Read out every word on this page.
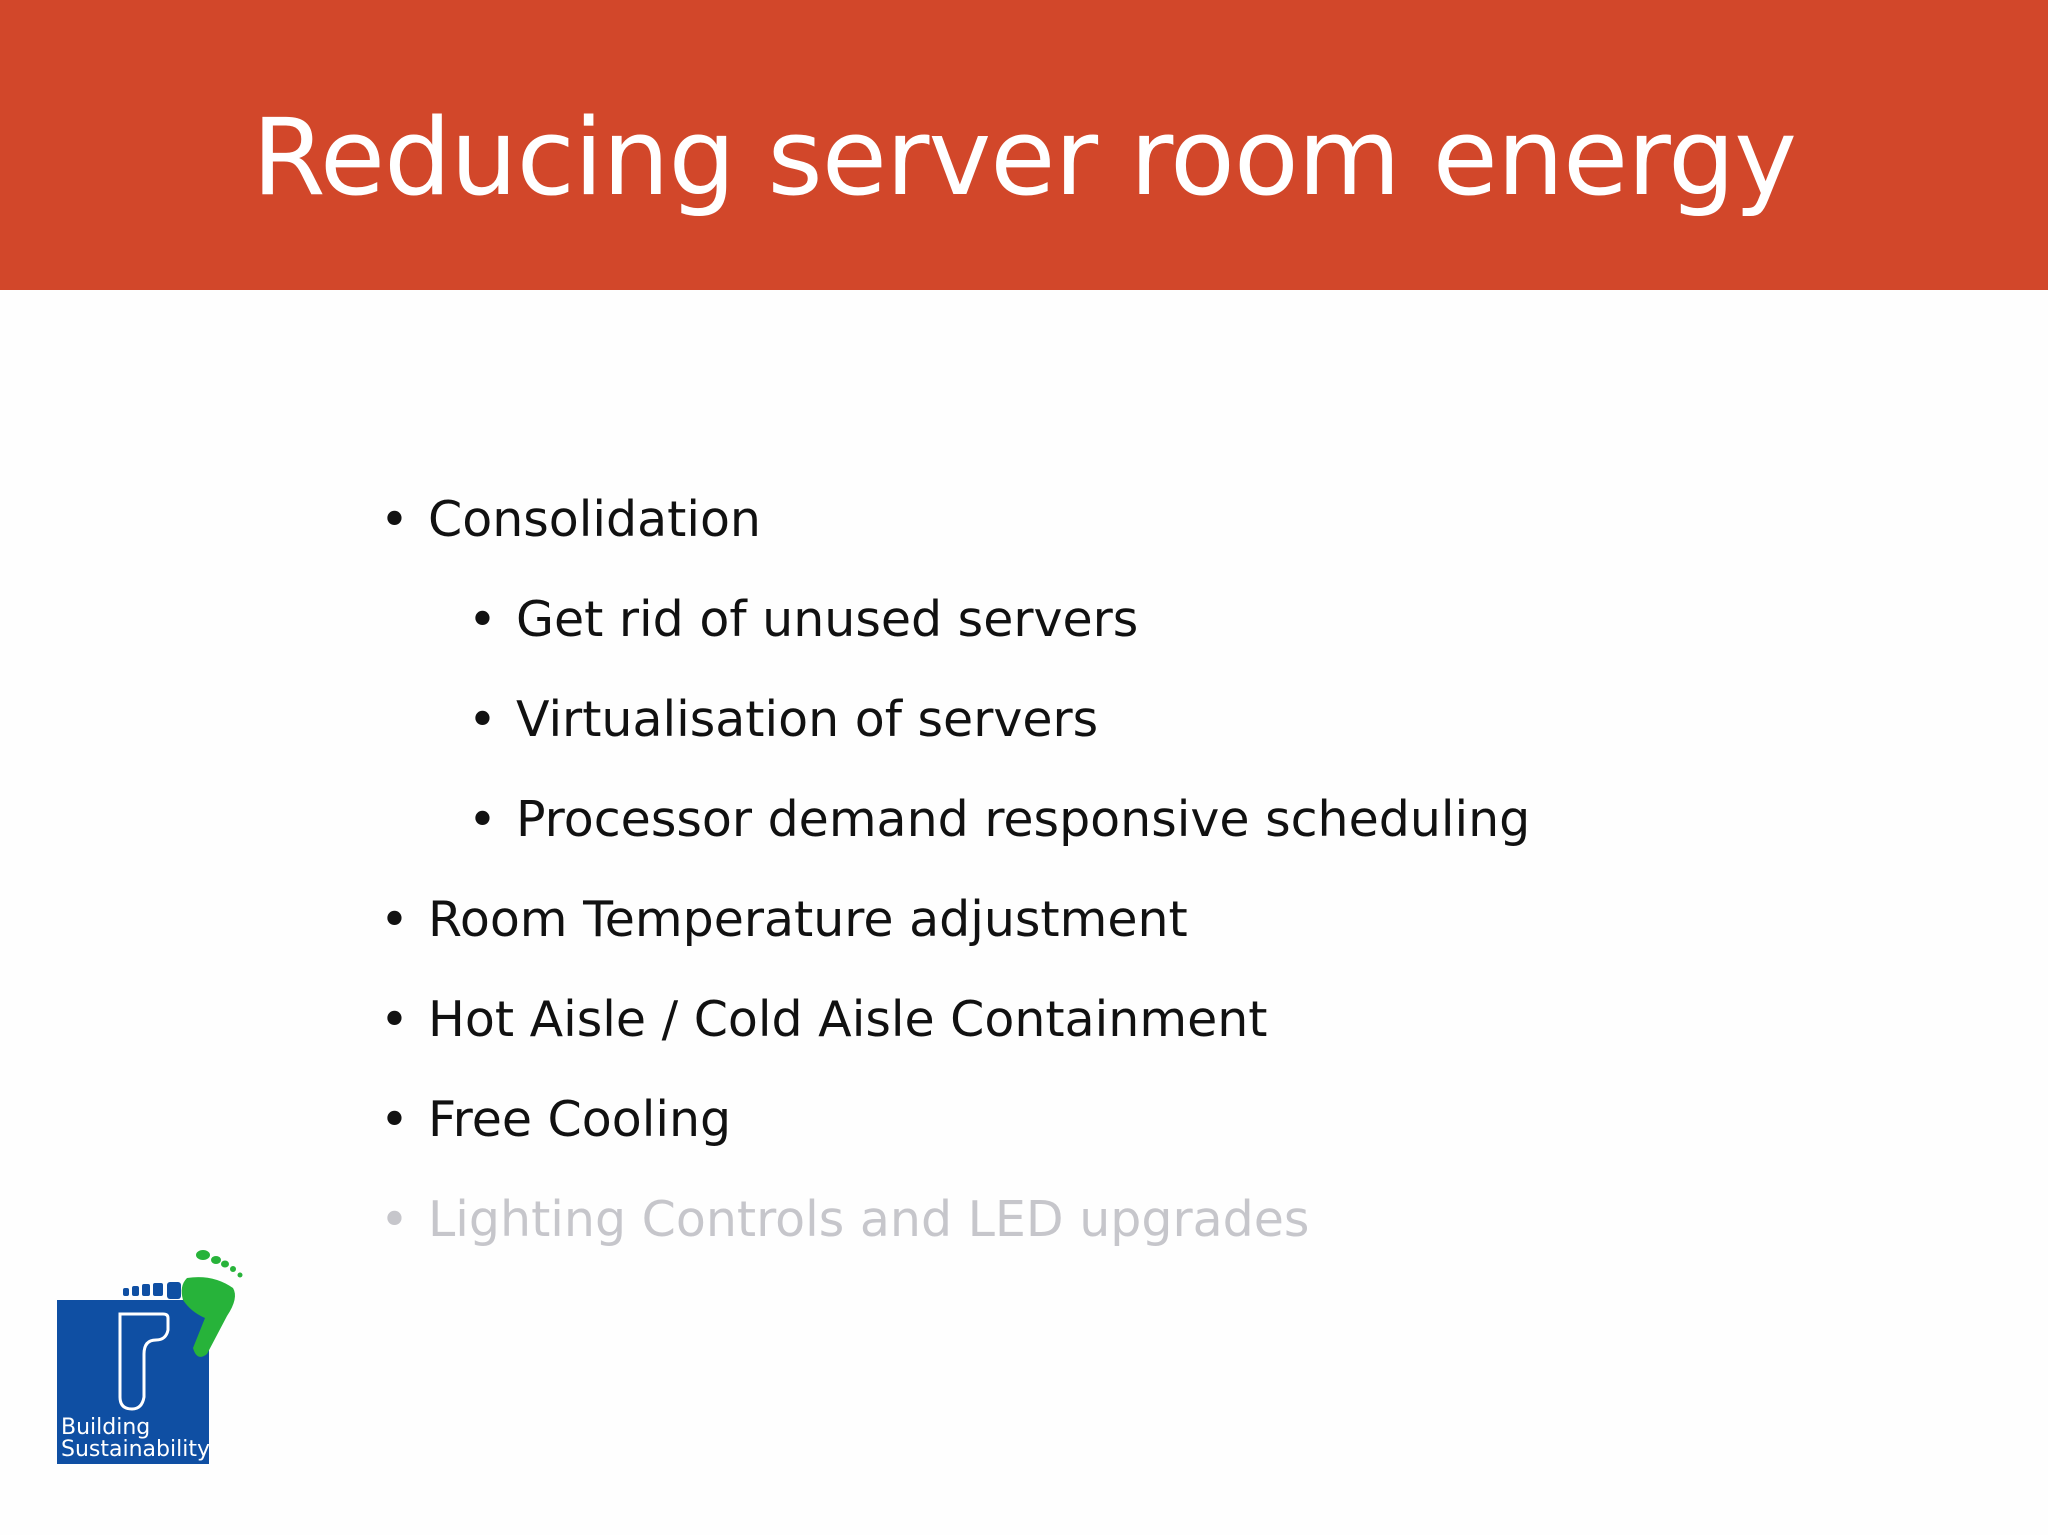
Reducing server room energy
• Consolidation
• Get rid of unused servers
• Virtualisation of servers
• Processor demand responsive scheduling
• Room Temperature adjustment
• Hot Aisle / Cold Aisle Containment
• Free Cooling
• Lighting Controls and LED upgrades
Building
Sustainability
